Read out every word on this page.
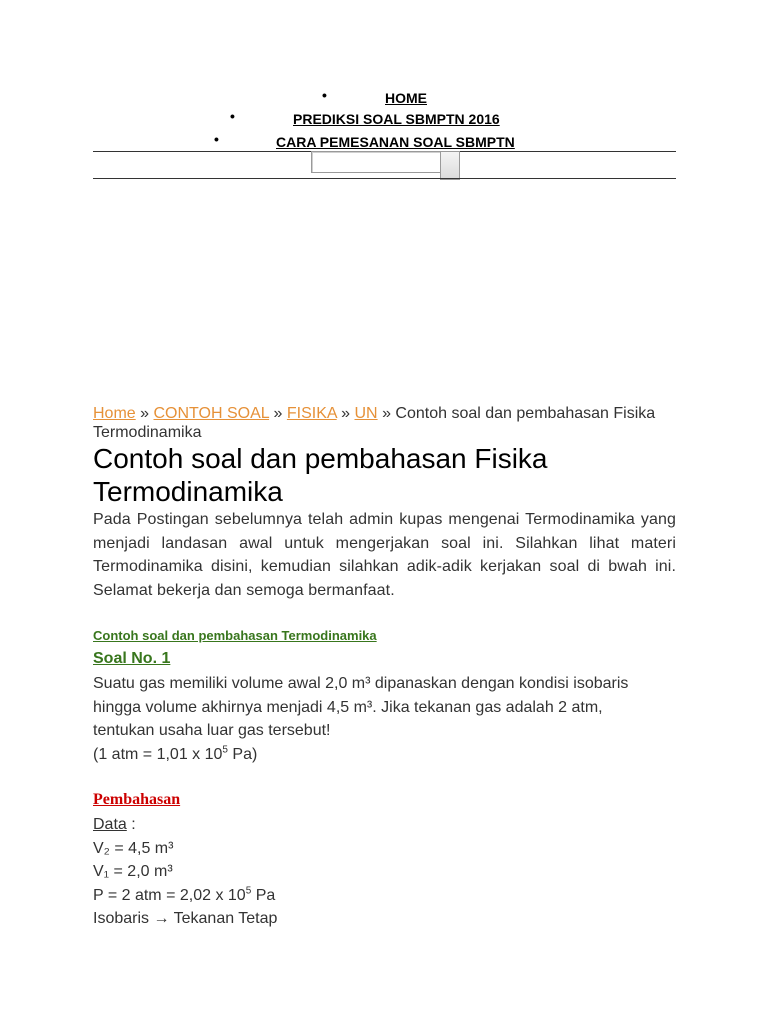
•	HOME
•	PREDIKSI SOAL SBMPTN 2016
•	CARA PEMESANAN SOAL SBMPTN
Home » CONTOH SOAL » FISIKA » UN » Contoh soal dan pembahasan Fisika Termodinamika
Contoh soal dan pembahasan Fisika Termodinamika
Pada Postingan sebelumnya telah admin kupas mengenai Termodinamika yang menjadi landasan awal untuk mengerjakan soal ini. Silahkan lihat materi Termodinamika disini, kemudian silahkan adik-adik kerjakan soal di bwah ini. Selamat bekerja dan semoga bermanfaat.
Contoh soal dan pembahasan Termodinamika
Soal No. 1
Suatu gas memiliki volume awal 2,0 m³ dipanaskan dengan kondisi isobaris
hingga volume akhirnya menjadi 4,5 m³. Jika tekanan gas adalah 2 atm,
tentukan usaha luar gas tersebut!
(1 atm = 1,01 x $10^5$ Pa)
Pembahasan
Data :
V₂ = 4,5 m³
V₁ = 2,0 m³
P = 2 atm = 2,02 x $10^5$ Pa
Isobaris → Tekanan Tetap
